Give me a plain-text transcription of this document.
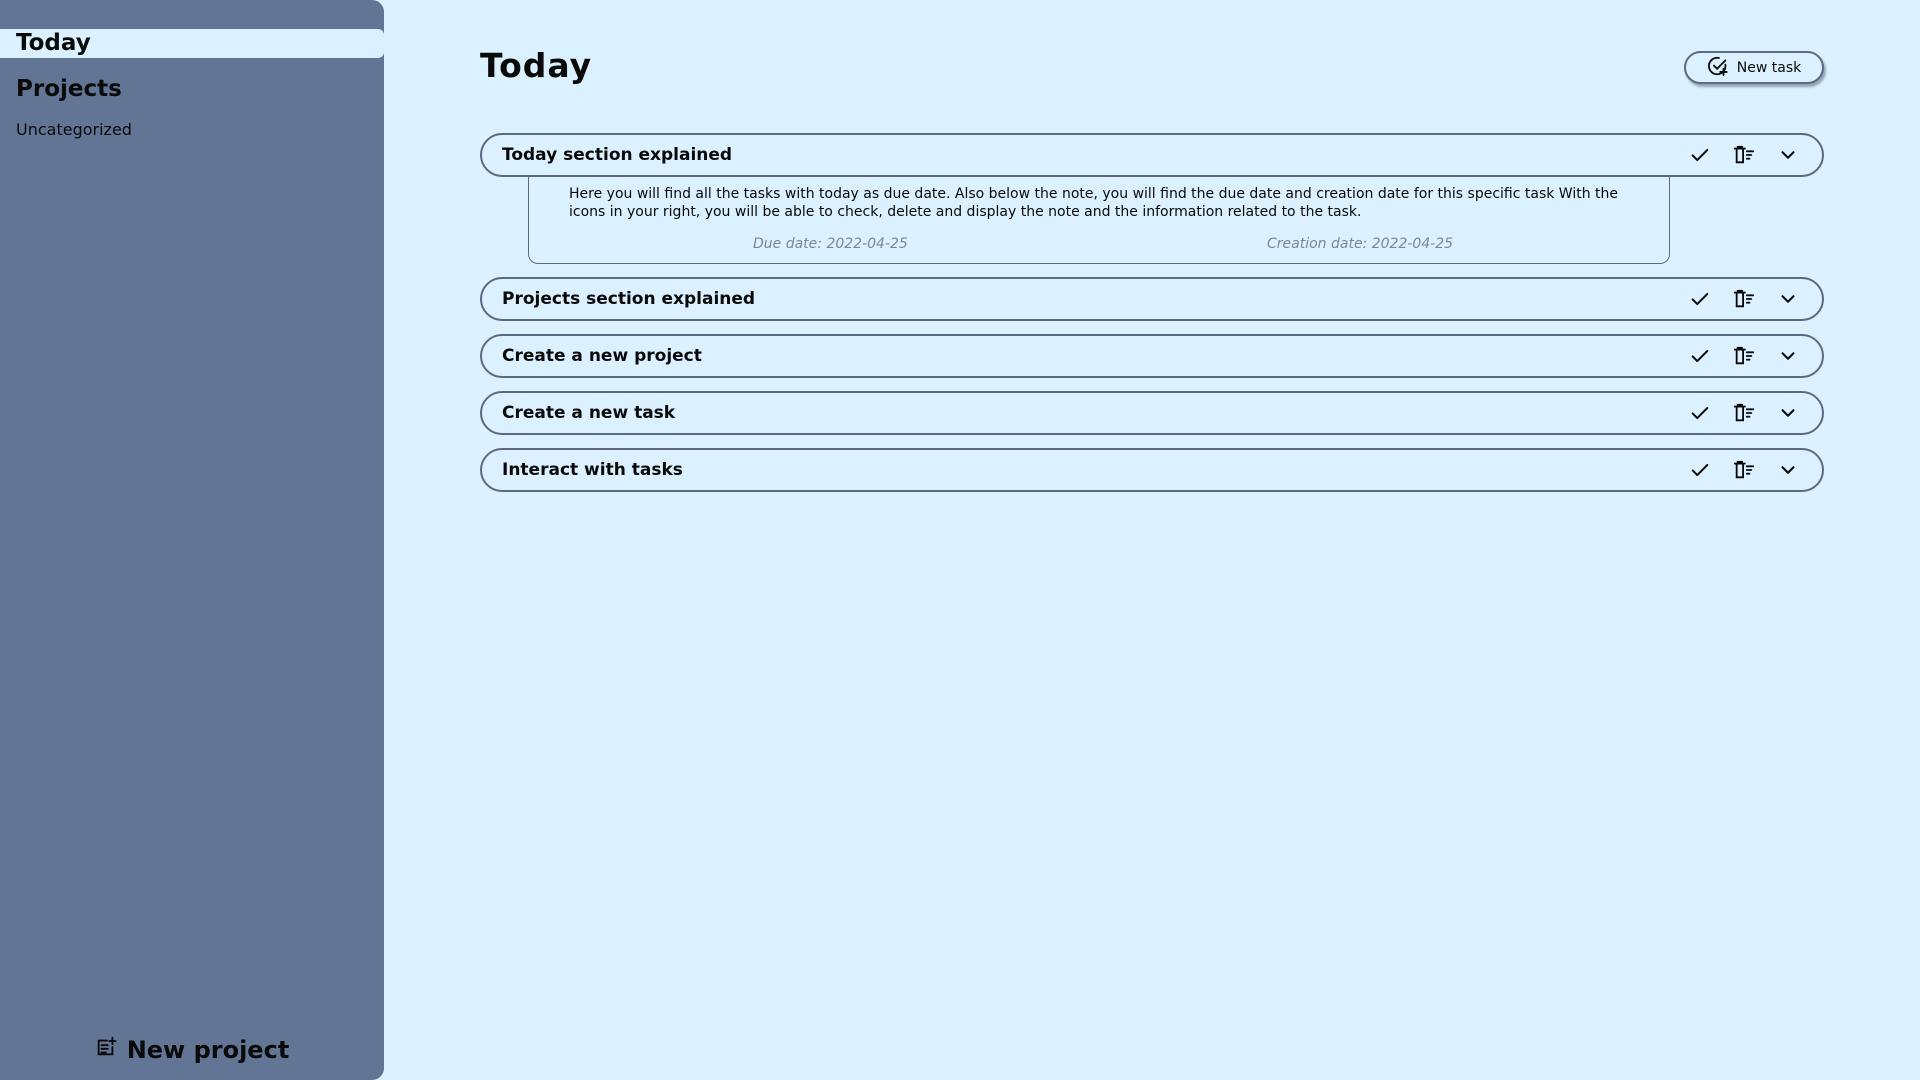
Today
Projects
Uncategorized
New project
Today	New task
Today section explained
Here you will find all the tasks with today as due date. Also below the note, you will find the due date and creation date for this specific task With the icons in your right, you will be able to check, delete and display the note and the information related to the task.
Due date: 2022-04-25	Creation date: 2022-04-25
Projects section explained
Create a new project
Create a new task
Interact with tasks
